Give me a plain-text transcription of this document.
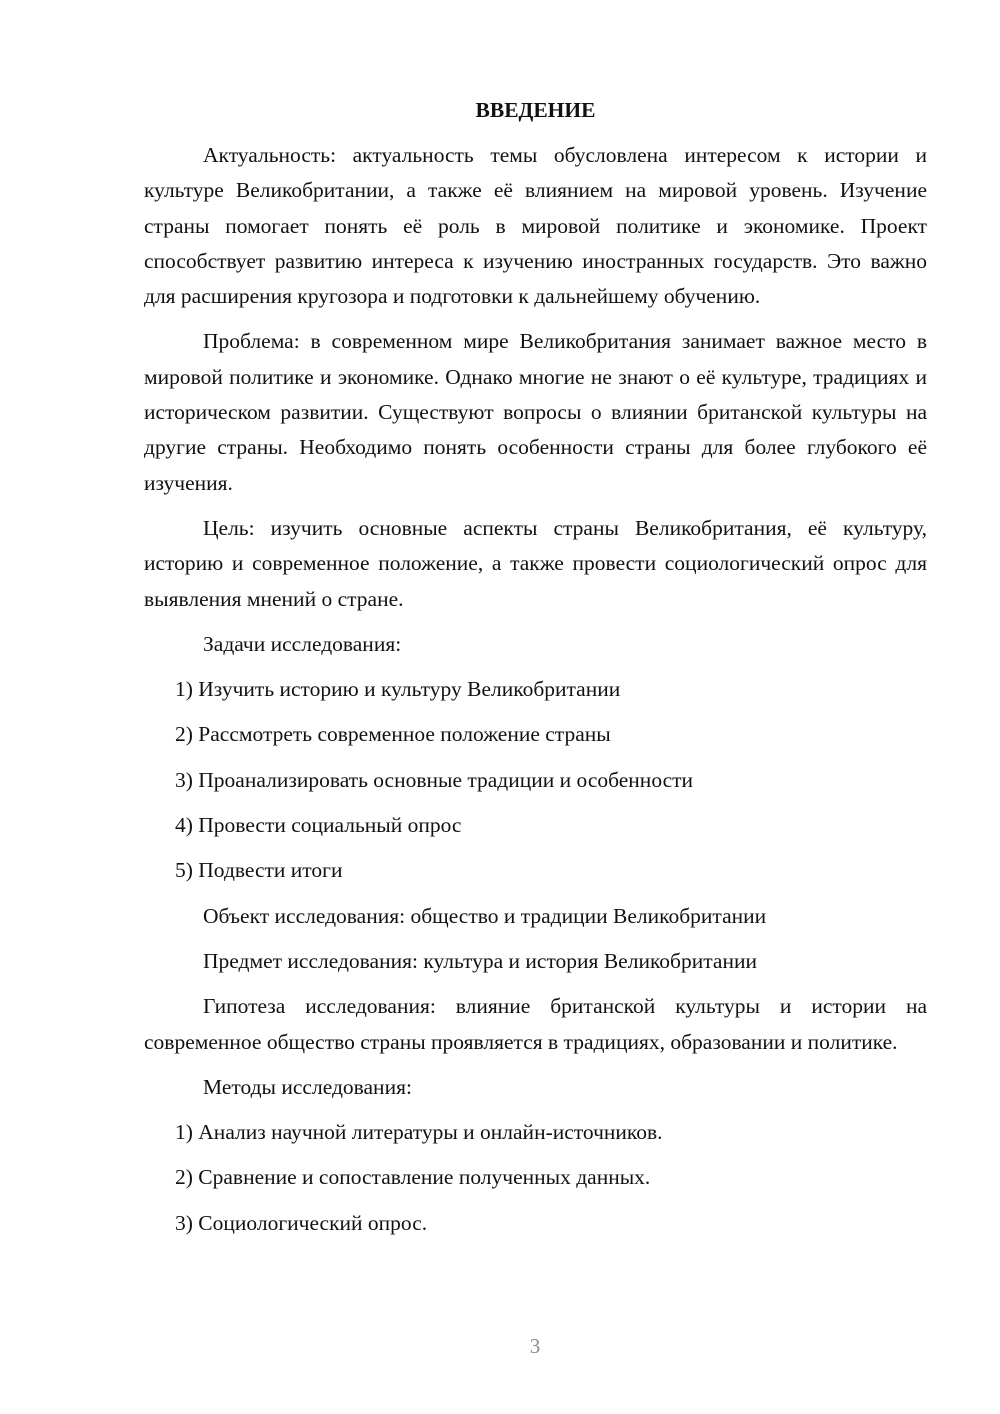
ВВЕДЕНИЕ

Актуальность: актуальность темы обусловлена интересом к истории и культуре Великобритании, а также её влиянием на мировой уровень. Изучение страны помогает понять её роль в мировой политике и экономике. Проект способствует развитию интереса к изучению иностранных государств. Это важно для расширения кругозора и подготовки к дальнейшему обучению.

Проблема: в современном мире Великобритания занимает важное место в мировой политике и экономике. Однако многие не знают о её культуре, традициях и историческом развитии. Существуют вопросы о влиянии британской культуры на другие страны. Необходимо понять особенности страны для более глубокого её изучения.

Цель: изучить основные аспекты страны Великобритания, её культуру, историю и современное положение, а также провести социологический опрос для выявления мнений о стране.

Задачи исследования:

1) Изучить историю и культуру Великобритании
2) Рассмотреть современное положение страны
3) Проанализировать основные традиции и особенности
4) Провести социальный опрос
5) Подвести итоги

Объект исследования: общество и традиции Великобритании

Предмет исследования: культура и история Великобритании

Гипотеза исследования: влияние британской культуры и истории на современное общество страны проявляется в традициях, образовании и политике.

Методы исследования:

1) Анализ научной литературы и онлайн-источников.
2) Сравнение и сопоставление полученных данных.
3) Социологический опрос.
3
